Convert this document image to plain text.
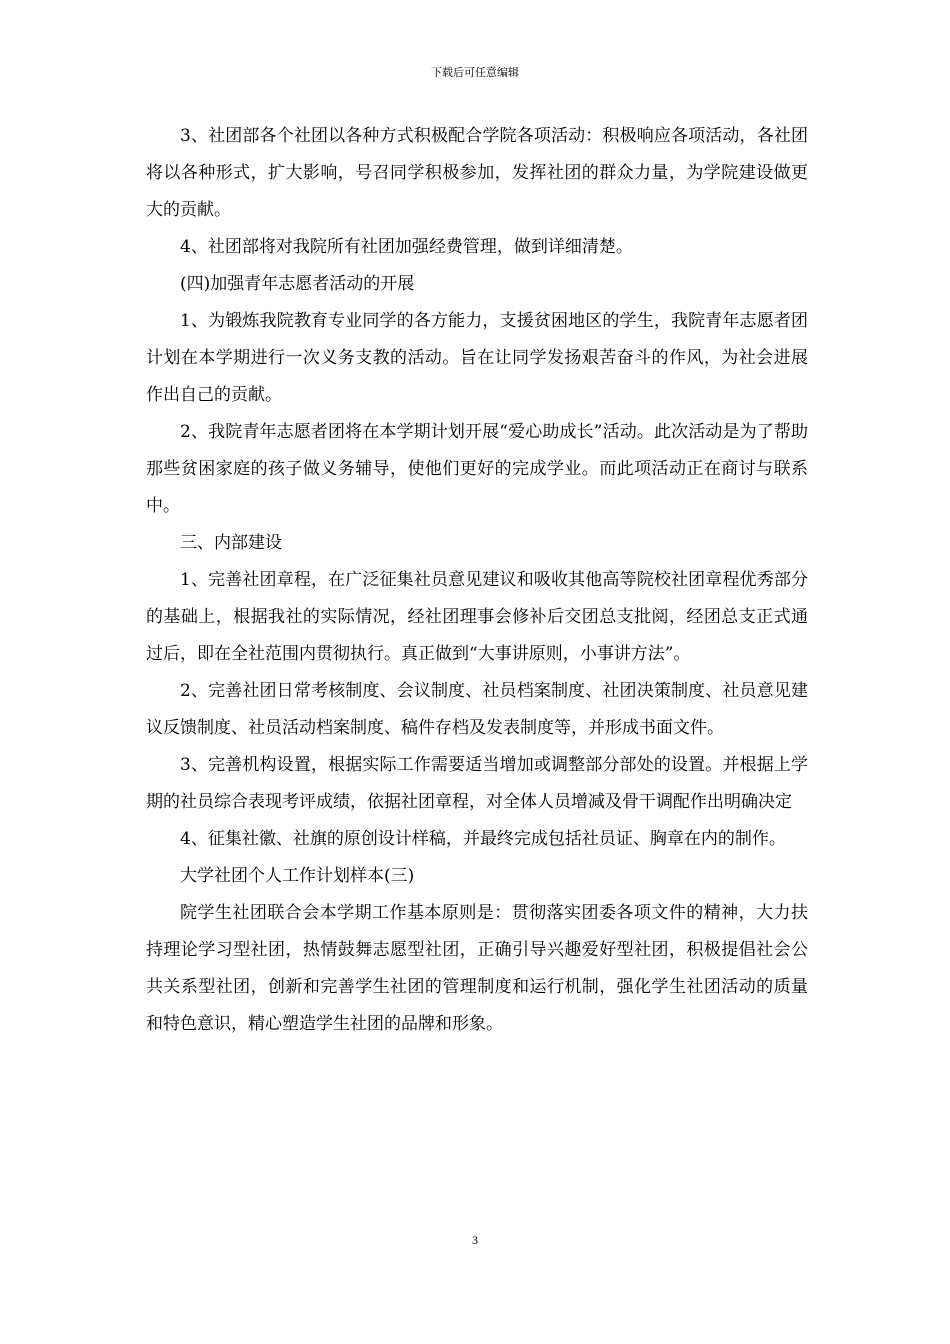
下载后可任意编辑

3、社团部各个社团以各种方式积极配合学院各项活动：积极响应各项活动，各社团将以各种形式，扩大影响，号召同学积极参加，发挥社团的群众力量，为学院建设做更大的贡献。

4、社团部将对我院所有社团加强经费管理，做到详细清楚。

(四)加强青年志愿者活动的开展

1、为锻炼我院教育专业同学的各方能力，支援贫困地区的学生，我院青年志愿者团计划在本学期进行一次义务支教的活动。旨在让同学发扬艰苦奋斗的作风，为社会进展作出自己的贡献。

2、我院青年志愿者团将在本学期计划开展“爱心助成长”活动。此次活动是为了帮助那些贫困家庭的孩子做义务辅导，使他们更好的完成学业。而此项活动正在商讨与联系中。

三、内部建设

1、完善社团章程，在广泛征集社员意见建议和吸收其他高等院校社团章程优秀部分的基础上，根据我社的实际情况，经社团理事会修补后交团总支批阅，经团总支正式通过后，即在全社范围内贯彻执行。真正做到“大事讲原则，小事讲方法”。

2、完善社团日常考核制度、会议制度、社员档案制度、社团决策制度、社员意见建议反馈制度、社员活动档案制度、稿件存档及发表制度等，并形成书面文件。

3、完善机构设置，根据实际工作需要适当增加或调整部分部处的设置。并根据上学期的社员综合表现考评成绩，依据社团章程，对全体人员增减及骨干调配作出明确决定

4、征集社徽、社旗的原创设计样稿，并最终完成包括社员证、胸章在内的制作。

大学社团个人工作计划样本(三)

院学生社团联合会本学期工作基本原则是：贯彻落实团委各项文件的精神，大力扶持理论学习型社团，热情鼓舞志愿型社团，正确引导兴趣爱好型社团，积极提倡社会公共关系型社团，创新和完善学生社团的管理制度和运行机制，强化学生社团活动的质量和特色意识，精心塑造学生社团的品牌和形象。

3
